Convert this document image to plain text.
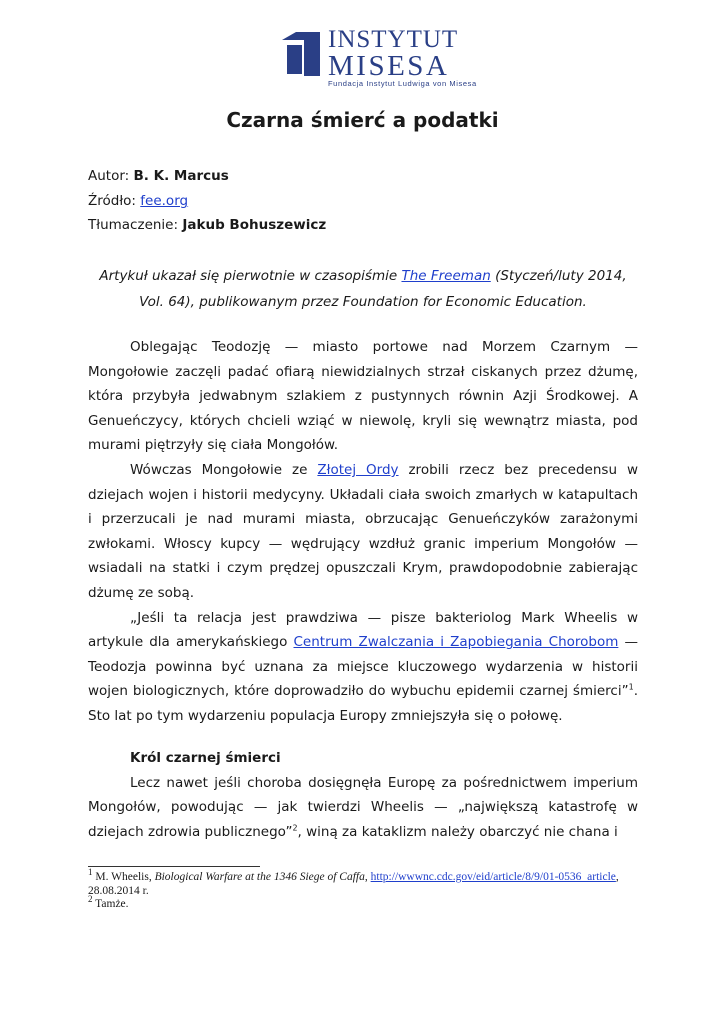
INSTYTUT
MISESA
Fundacja Instytut Ludwiga von Misesa
Czarna śmierć a podatki
Autor: B. K. Marcus
Źródło: fee.org
Tłumaczenie: Jakub Bohuszewicz
Artykuł ukazał się pierwotnie w czasopiśmie The Freeman (Styczeń/luty 2014, Vol. 64), publikowanym przez Foundation for Economic Education.

Oblegając Teodozję — miasto portowe nad Morzem Czarnym — Mongołowie zaczęli padać ofiarą niewidzialnych strzał ciskanych przez dżumę, która przybyła jedwabnym szlakiem z pustynnych równin Azji Środkowej. A Genueńczycy, których chcieli wziąć w niewolę, kryli się wewnątrz miasta, pod murami piętrzyły się ciała Mongołów.

Wówczas Mongołowie ze Złotej Ordy zrobili rzecz bez precedensu w dziejach wojen i historii medycyny. Układali ciała swoich zmarłych w katapultach i przerzucali je nad murami miasta, obrzucając Genueńczyków zarażonymi zwłokami. Włoscy kupcy — wędrujący wzdłuż granic imperium Mongołów — wsiadali na statki i czym prędzej opuszczali Krym, prawdopodobnie zabierając dżumę ze sobą.

„Jeśli ta relacja jest prawdziwa — pisze bakteriolog Mark Wheelis w artykule dla amerykańskiego Centrum Zwalczania i Zapobiegania Chorobom — Teodozja powinna być uznana za miejsce kluczowego wydarzenia w historii wojen biologicznych, które doprowadziło do wybuchu epidemii czarnej śmierci”$^1$. Sto lat po tym wydarzeniu populacja Europy zmniejszyła się o połowę.

Król czarnej śmierci

Lecz nawet jeśli choroba dosięgnęła Europę za pośrednictwem imperium Mongołów, powodując — jak twierdzi Wheelis — „największą katastrofę w dziejach zdrowia publicznego”$^2$, winą za kataklizm należy obarczyć nie chana i

$^1$ M. Wheelis, Biological Warfare at the 1346 Siege of Caffa, http://wwwnc.cdc.gov/eid/article/8/9/01-0536_article, 28.08.2014 r.

$^2$ Tamże.
